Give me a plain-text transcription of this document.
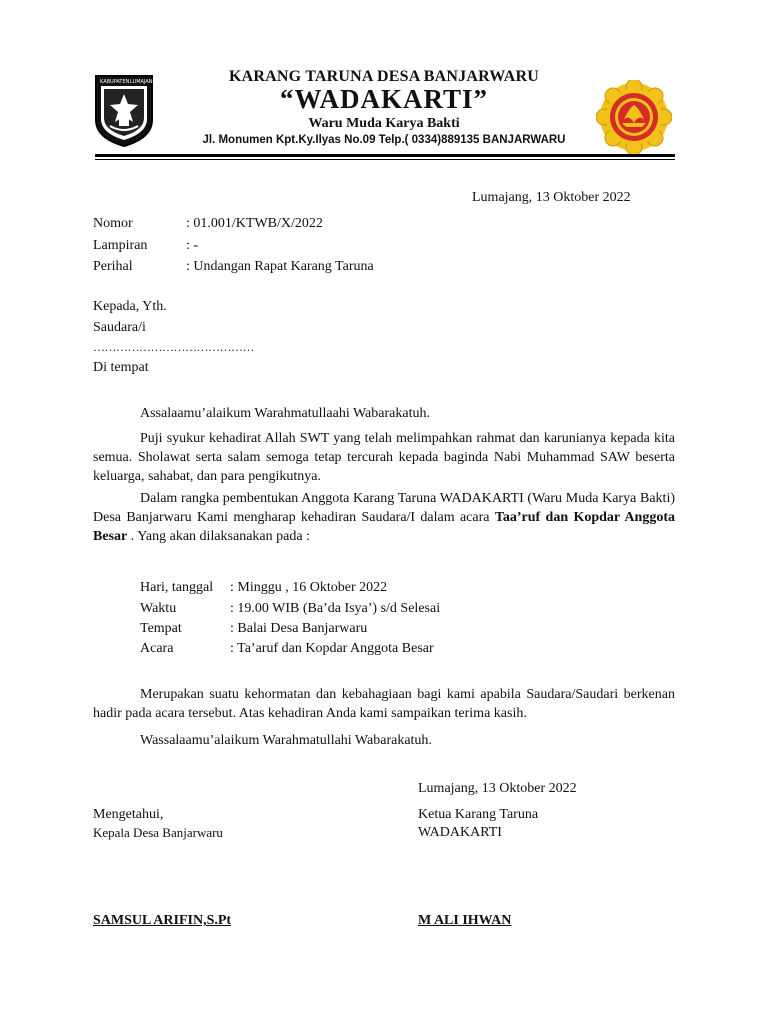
KABUPATEN LUMAJANG	KARANG TARUNA DESA BANJARWARU
“WADAKARTI”
Waru Muda Karya Bakti
Jl. Monumen Kpt.Ky.Ilyas No.09 Telp.( 0334)889135 BANJARWARU
Lumajang, 13 Oktober 2022
Nomor	: 01.001/KTWB/X/2022
Lampiran	: -
Perihal	: Undangan Rapat Karang Taruna
Kepada, Yth.
Saudara/i
……………………………………
Di tempat
Assalaamu’alaikum Warahmatullaahi Wabarakatuh.
Puji syukur kehadirat Allah SWT yang telah melimpahkan rahmat dan karunianya kepada kita semua. Sholawat serta salam semoga tetap tercurah kepada baginda Nabi Muhammad SAW beserta keluarga, sahabat, dan para pengikutnya.
Dalam rangka pembentukan Anggota Karang Taruna WADAKARTI (Waru Muda Karya Bakti) Desa Banjarwaru Kami mengharap kehadiran Saudara/I dalam acara Taa’ruf dan Kopdar Anggota Besar . Yang akan dilaksanakan pada :
Hari, tanggal : Minggu , 16 Oktober 2022
Waktu	: 19.00 WIB (Ba’da Isya’) s/d Selesai
Tempat	: Balai Desa Banjarwaru
Acara	: Ta’aruf dan Kopdar Anggota Besar
Merupakan suatu kehormatan dan kebahagiaan bagi kami apabila Saudara/Saudari berkenan hadir pada acara tersebut. Atas kehadiran Anda kami sampaikan terima kasih.
Wassalaamu’alaikum Warahmatullahi Wabarakatuh.
Lumajang, 13 Oktober 2022
Mengetahui,
Kepala Desa Banjarwaru
Ketua Karang Taruna
WADAKARTI
SAMSUL ARIFIN,S.Pt	M ALI IHWAN
